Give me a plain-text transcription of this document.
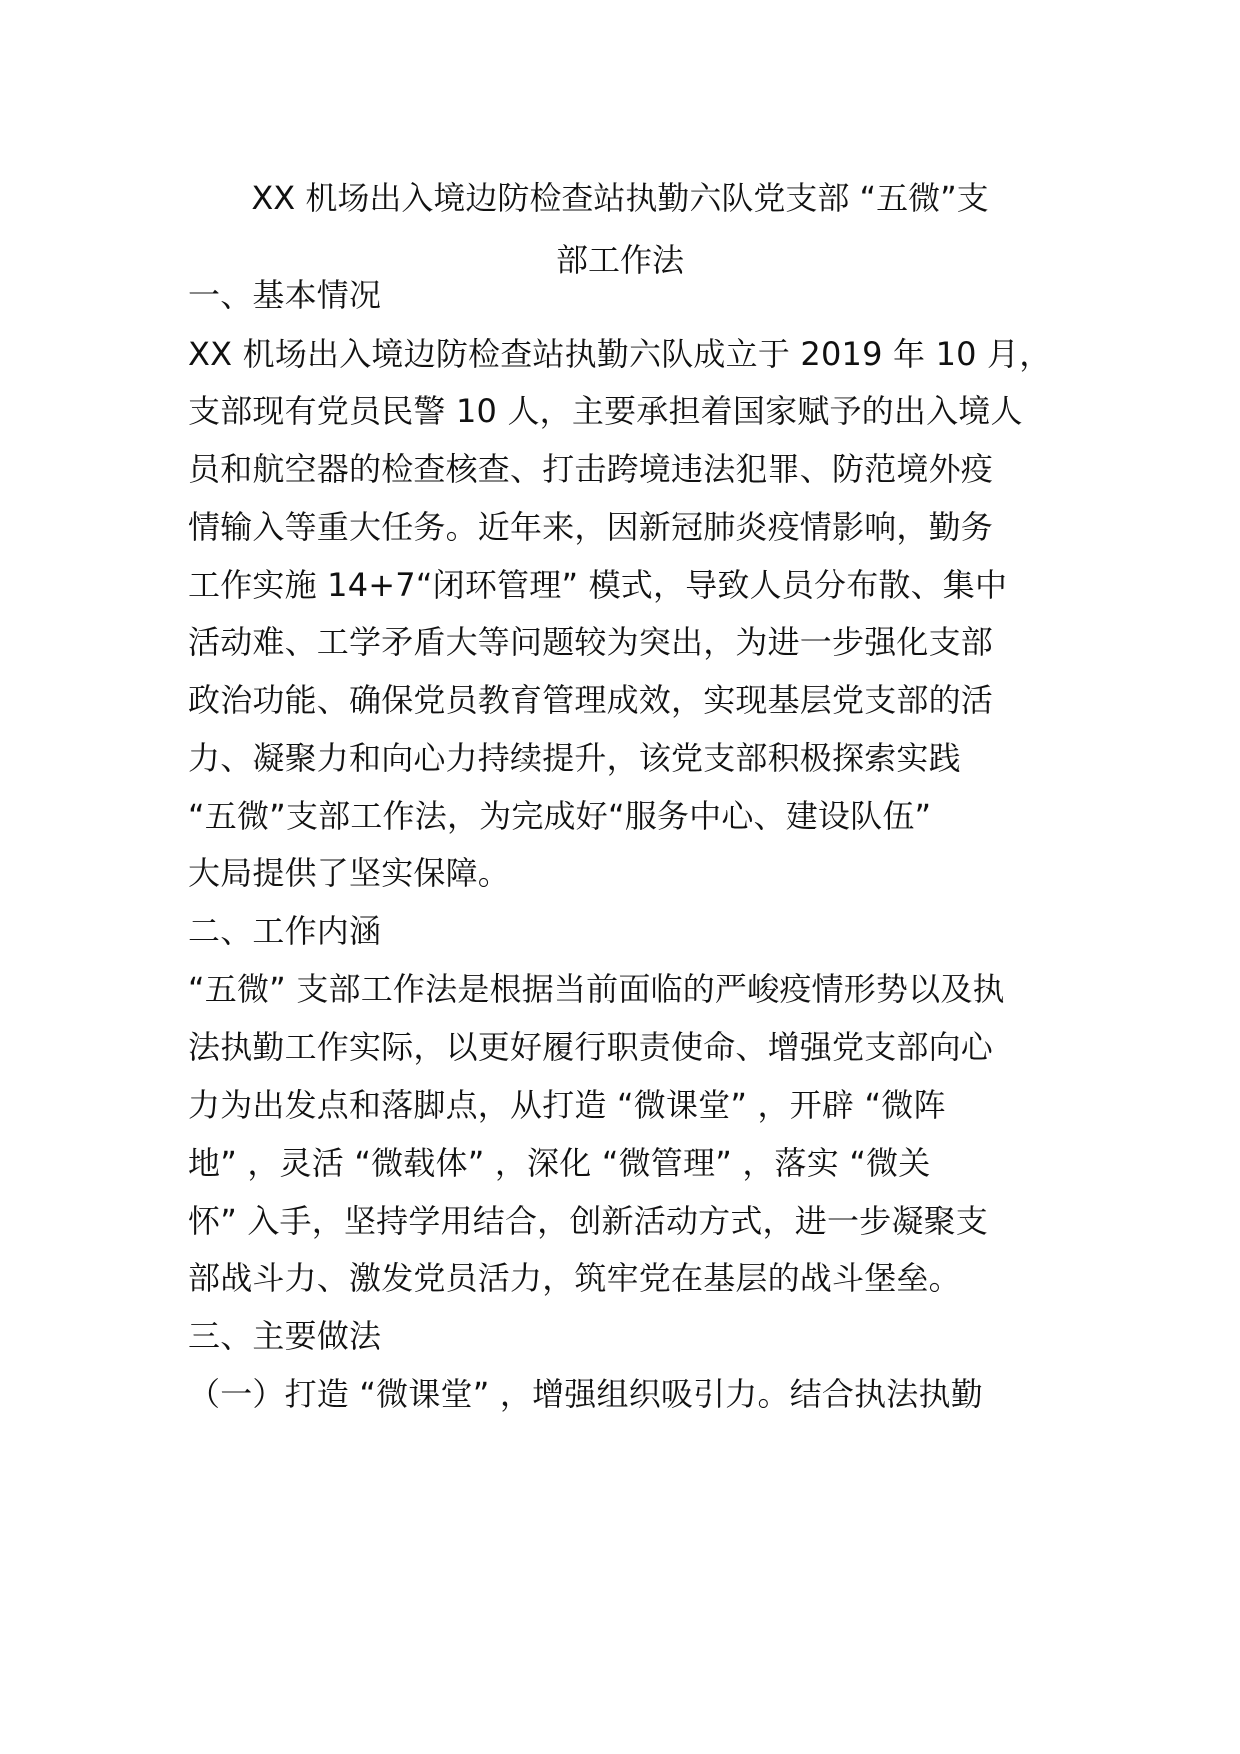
XX 机场出入境边防检查站执勤六队党支部 “五微”支
部工作法
一、基本情况
XX 机场出入境边防检查站执勤六队成立于 2019 年 10 月，
支部现有党员民警 10 人，主要承担着国家赋予的出入境人
员和航空器的检查核查、打击跨境违法犯罪、防范境外疫
情输入等重大任务。近年来，因新冠肺炎疫情影响，勤务
工作实施 14+7“闭环管理” 模式，导致人员分布散、集中
活动难、工学矛盾大等问题较为突出，为进一步强化支部
政治功能、确保党员教育管理成效，实现基层党支部的活
力、凝聚力和向心力持续提升，该党支部积极探索实践
“五微”支部工作法，为完成好“服务中心、建设队伍”
大局提供了坚实保障。
二、工作内涵
“五微” 支部工作法是根据当前面临的严峻疫情形势以及执
法执勤工作实际，以更好履行职责使命、增强党支部向心
力为出发点和落脚点，从打造 “微课堂” ，开辟 “微阵
地” ，灵活 “微载体” ，深化 “微管理” ，落实 “微关
怀” 入手，坚持学用结合，创新活动方式，进一步凝聚支
部战斗力、激发党员活力，筑牢党在基层的战斗堡垒。
三、主要做法
（一）打造 “微课堂” ，增强组织吸引力。结合执法执勤
